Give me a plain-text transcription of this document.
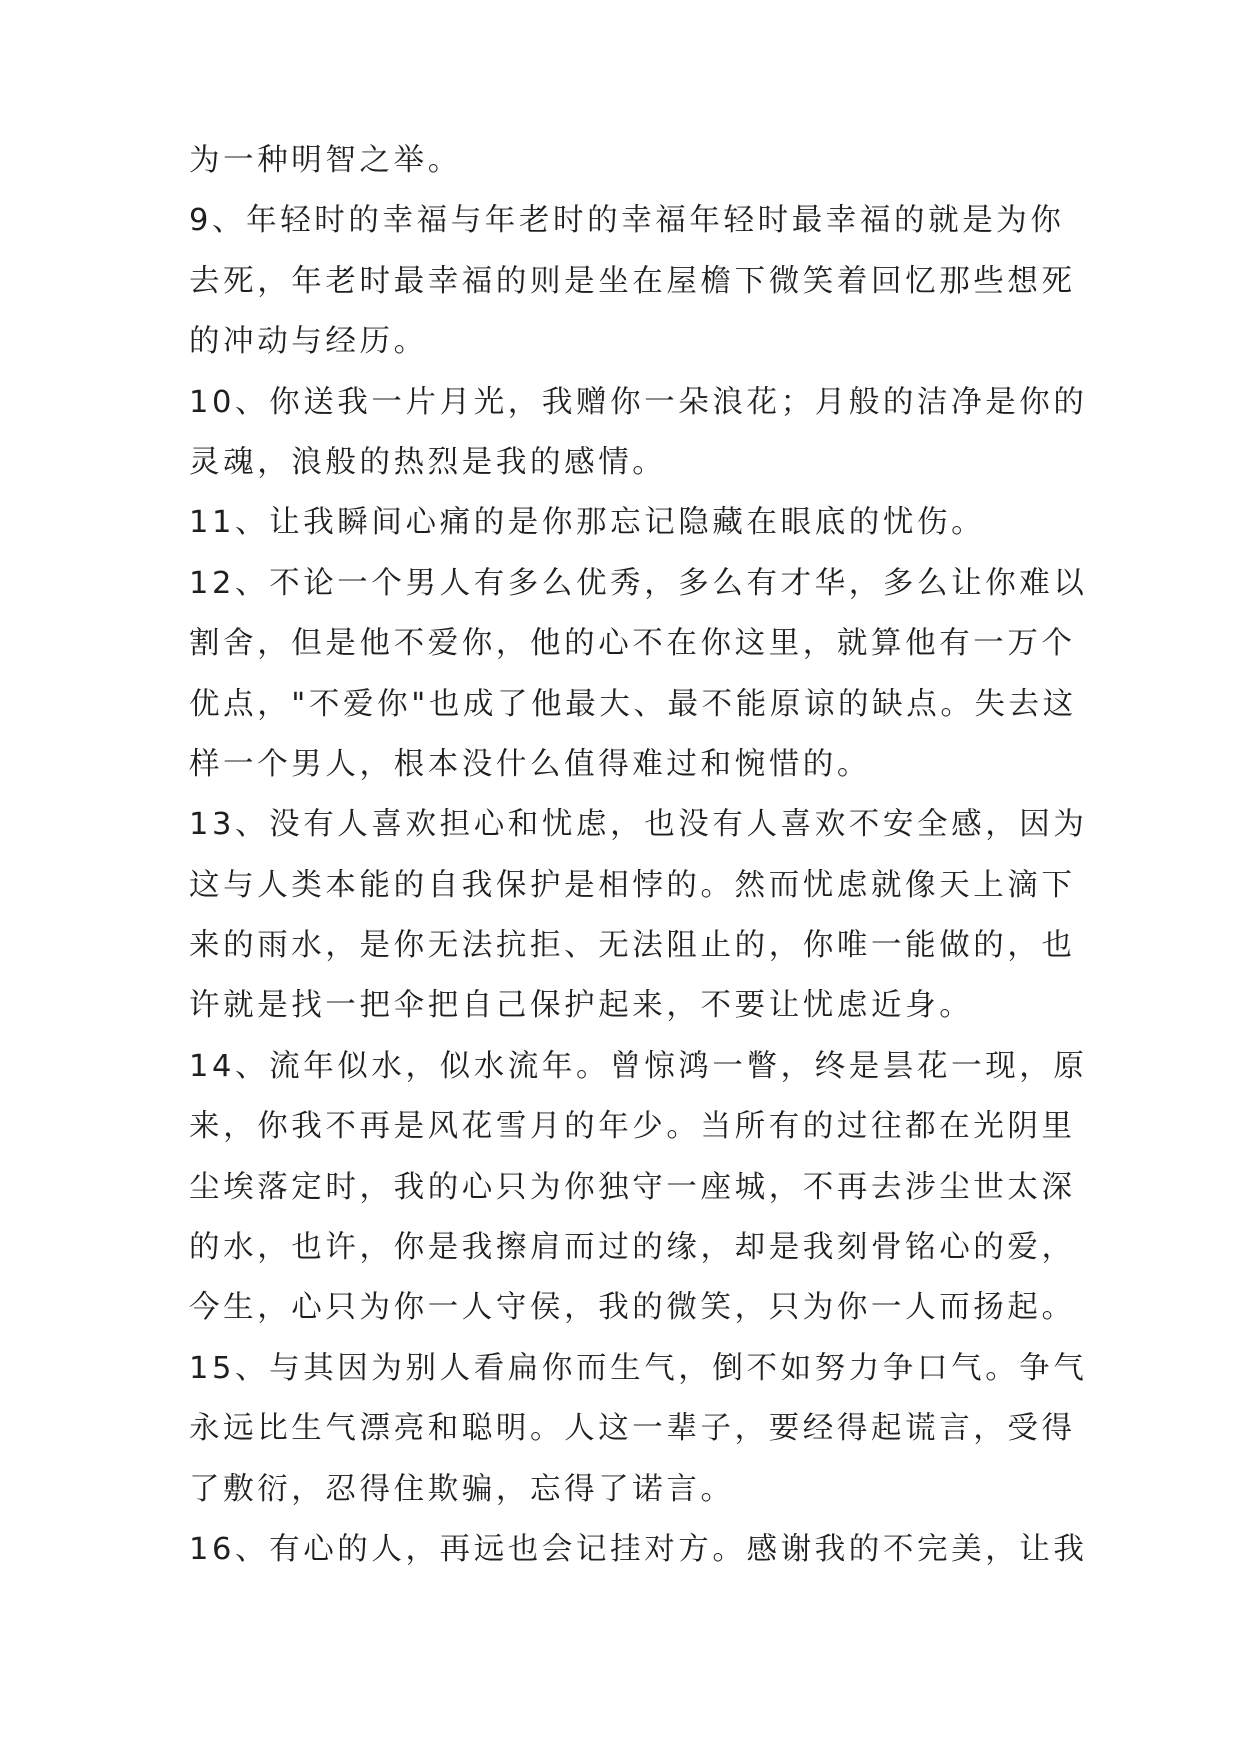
为一种明智之举。
9、年轻时的幸福与年老时的幸福年轻时最幸福的就是为你
去死，年老时最幸福的则是坐在屋檐下微笑着回忆那些想死
的冲动与经历。
10、你送我一片月光，我赠你一朵浪花；月般的洁净是你的
灵魂，浪般的热烈是我的感情。
11、让我瞬间心痛的是你那忘记隐藏在眼底的忧伤。
12、不论一个男人有多么优秀，多么有才华，多么让你难以
割舍，但是他不爱你，他的心不在你这里，就算他有一万个
优点，"不爱你"也成了他最大、最不能原谅的缺点。失去这
样一个男人，根本没什么值得难过和惋惜的。
13、没有人喜欢担心和忧虑，也没有人喜欢不安全感，因为
这与人类本能的自我保护是相悖的。然而忧虑就像天上滴下
来的雨水，是你无法抗拒、无法阻止的，你唯一能做的，也
许就是找一把伞把自己保护起来，不要让忧虑近身。
14、流年似水，似水流年。曾惊鸿一瞥，终是昙花一现，原
来，你我不再是风花雪月的年少。当所有的过往都在光阴里
尘埃落定时，我的心只为你独守一座城，不再去涉尘世太深
的水，也许，你是我擦肩而过的缘，却是我刻骨铭心的爱，
今生，心只为你一人守侯，我的微笑，只为你一人而扬起。
15、与其因为别人看扁你而生气，倒不如努力争口气。争气
永远比生气漂亮和聪明。人这一辈子，要经得起谎言，受得
了敷衍，忍得住欺骗，忘得了诺言。
16、有心的人，再远也会记挂对方。感谢我的不完美，让我
